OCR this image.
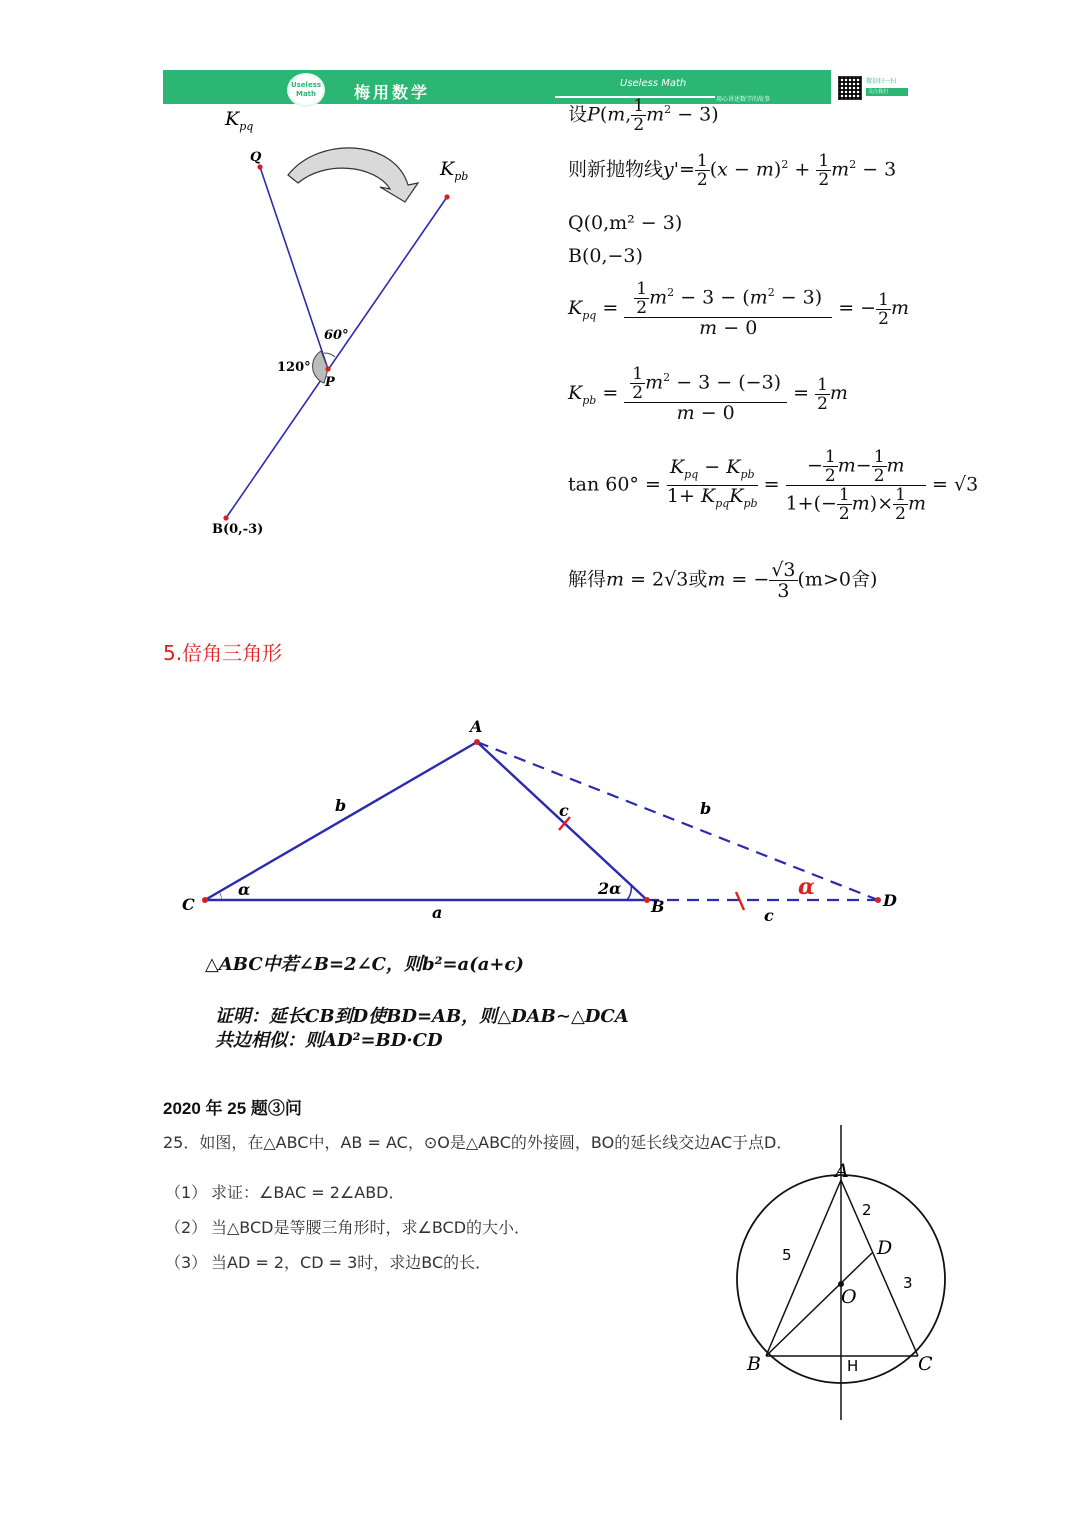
Useless Math	梅用数学	Useless Math
用心讲述数学的故事
微信扫一扫
关注我们
$K_{pq}$
$K_{pb}$
Q
P
B(0,-3)
60°
120°
设P(m, $\frac{1}{2} m^2 - 3$)
则新抛物线$y'= \frac{1}{2} (x - m)^2 + \frac{1}{2} m^2 - 3$
Q(0,m² − 3)
B(0,−3)
$K_{pq} = \frac{\frac{1}{2} m^2 - 3 - (m^2 - 3)}{m - 0}$ = − $\frac{1}{2}$ m
$K_{pb} = \frac{\frac{1}{2} m^2 - 3 - (-3)}{m - 0} = \frac{1}{2}$ m
$\tan 60^\circ = \frac{K_{pq} - K_{pb}}{1+ K_{pq}K_{pb}} = \frac{- \frac{1}{2} m- \frac{1}{2} m}{1+(- \frac{1}{2} m)\times \frac{1}{2} m} = √3$
解得m = 2√3或m = − $\frac{√3}{3} (m>0$舍)
5.倍角三角形
A
C	B	D
b	b
c
c
a
α	2α	α
△ABC中若∠B=2∠C，则b²=a(a+c)
证明：延长CB到D使BD=AB，则△DAB∼△DCA
共边相似：则AD²=BD·CD
2020 年 25 题③问
25．如图，在△ABC中，AB = AC，⊙O是△ABC的外接圆，BO的延长线交边AC于点D．
（1） 求证：∠BAC = 2∠ABD．
（2） 当△BCD是等腰三角形时，求∠BCD的大小．
（3） 当AD = 2，CD = 3时，求边BC的长．
A
B	C
D
O
H
2
3
5
